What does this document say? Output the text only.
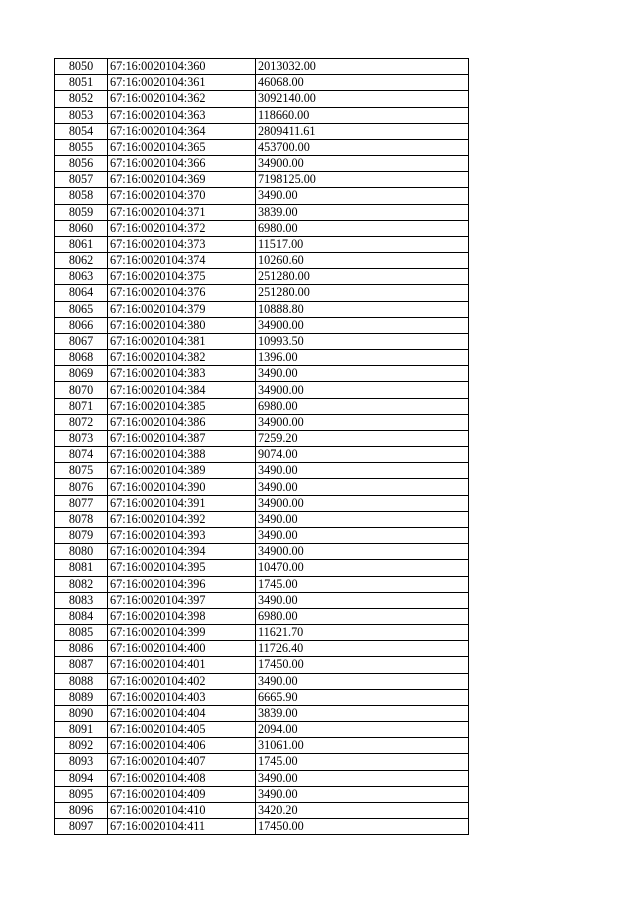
8050	67:16:0020104:360	2013032.00
8051	67:16:0020104:361	46068.00
8052	67:16:0020104:362	3092140.00
8053	67:16:0020104:363	118660.00
8054	67:16:0020104:364	2809411.61
8055	67:16:0020104:365	453700.00
8056	67:16:0020104:366	34900.00
8057	67:16:0020104:369	7198125.00
8058	67:16:0020104:370	3490.00
8059	67:16:0020104:371	3839.00
8060	67:16:0020104:372	6980.00
8061	67:16:0020104:373	11517.00
8062	67:16:0020104:374	10260.60
8063	67:16:0020104:375	251280.00
8064	67:16:0020104:376	251280.00
8065	67:16:0020104:379	10888.80
8066	67:16:0020104:380	34900.00
8067	67:16:0020104:381	10993.50
8068	67:16:0020104:382	1396.00
8069	67:16:0020104:383	3490.00
8070	67:16:0020104:384	34900.00
8071	67:16:0020104:385	6980.00
8072	67:16:0020104:386	34900.00
8073	67:16:0020104:387	7259.20
8074	67:16:0020104:388	9074.00
8075	67:16:0020104:389	3490.00
8076	67:16:0020104:390	3490.00
8077	67:16:0020104:391	34900.00
8078	67:16:0020104:392	3490.00
8079	67:16:0020104:393	3490.00
8080	67:16:0020104:394	34900.00
8081	67:16:0020104:395	10470.00
8082	67:16:0020104:396	1745.00
8083	67:16:0020104:397	3490.00
8084	67:16:0020104:398	6980.00
8085	67:16:0020104:399	11621.70
8086	67:16:0020104:400	11726.40
8087	67:16:0020104:401	17450.00
8088	67:16:0020104:402	3490.00
8089	67:16:0020104:403	6665.90
8090	67:16:0020104:404	3839.00
8091	67:16:0020104:405	2094.00
8092	67:16:0020104:406	31061.00
8093	67:16:0020104:407	1745.00
8094	67:16:0020104:408	3490.00
8095	67:16:0020104:409	3490.00
8096	67:16:0020104:410	3420.20
8097	67:16:0020104:411	17450.00
